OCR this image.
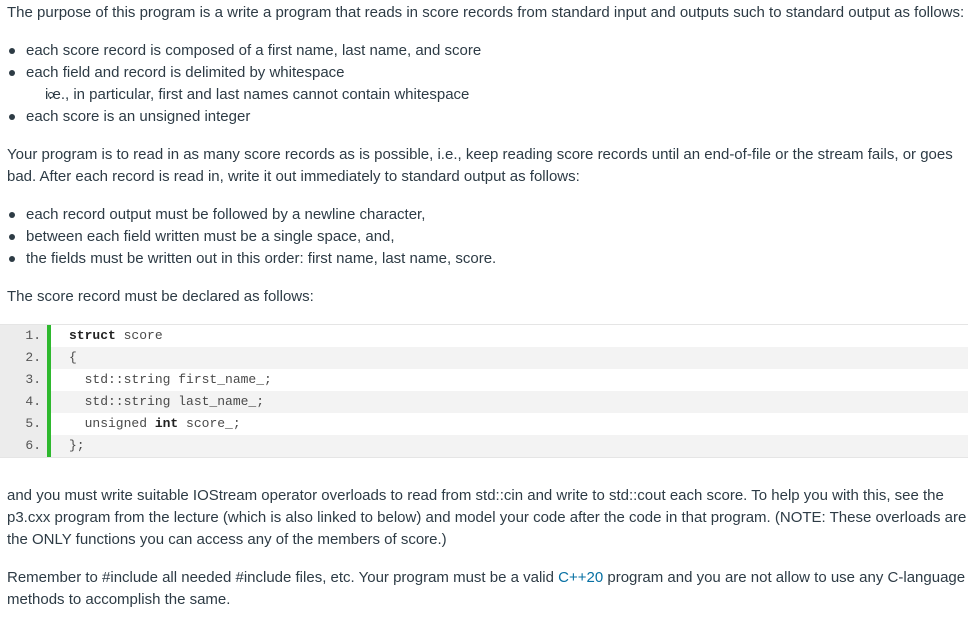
The purpose of this program is a write a program that reads in score records from standard input and outputs such to standard output as follows:

each score record is composed of a first name, last name, and score
each field and record is delimited by whitespace
i.e., in particular, first and last names cannot contain whitespace
each score is an unsigned integer

Your program is to read in as many score records as is possible, i.e., keep reading score records until an end-of-file or the stream fails, or goes bad. After each record is read in, write it out immediately to standard output as follows:

each record output must be followed by a newline character,
between each field written must be a single space, and,
the fields must be written out in this order: first name, last name, score.

The score record must be declared as follows:

1.	struct score
2.	{
3.	std::string first_name_;
4.	std::string last_name_;
5.	unsigned int score_;
6.	};

and you must write suitable IOStream operator overloads to read from std::cin and write to std::cout each score. To help you with this, see the p3.cxx program from the lecture (which is also linked to below) and model your code after the code in that program. (NOTE: These overloads are the ONLY functions you can access any of the members of score.)

Remember to #include all needed #include files, etc. Your program must be a valid C++20 program and you are not allow to use any C-language methods to accomplish the same.
